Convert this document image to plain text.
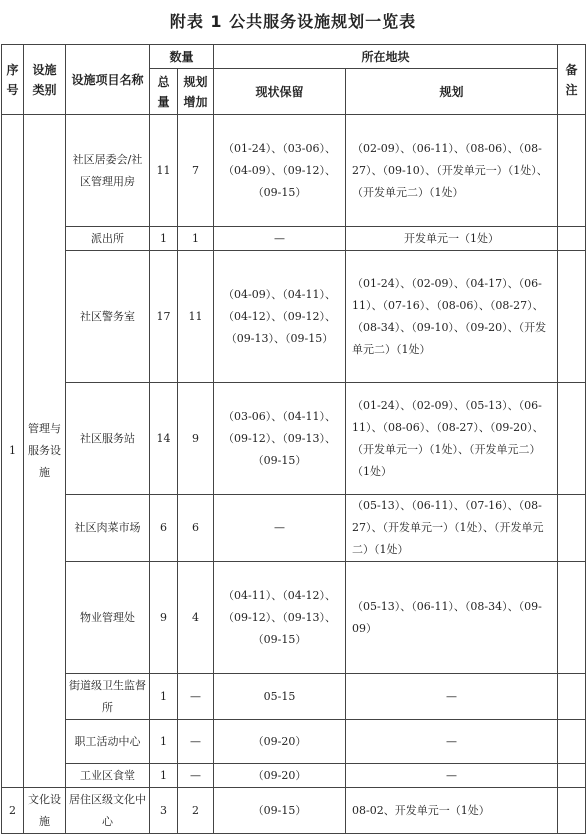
附表 1 公共服务设施规划一览表
序号	设施类别	设施项目名称	数量		所在地块		备注
			总量	规划增加	现状保留	规划	
1	管理与服务设施	社区居委会/社区管理用房	11	7	（01-24）、（03-06）、（04-09）、（09-12）、（09-15）	（02-09）、（06-11）、（08-06）、（08-27）、（09-10）、（开发单元一）（1处）、（开发单元二）（1处）	
		派出所	1	1	—	开发单元一（1处）	
		社区警务室	17	11	（04-09）、（04-11）、（04-12）、（09-12）、（09-13）、（09-15）	（01-24）、（02-09）、（04-17）、（06-11）、（07-16）、（08-06）、（08-27）、（08-34）、（09-10）、（09-20）、（开发单元二）（1处）	
		社区服务站	14	9	（03-06）、（04-11）、（09-12）、（09-13）、（09-15）	（01-24）、（02-09）、（05-13）、（06-11）、（08-06）、（08-27）、（09-20）、（开发单元一）（1处）、（开发单元二）（1处）	
		社区肉菜市场	6	6	—	（05-13）、（06-11）、（07-16）、（08-27）、（开发单元一）（1处）、（开发单元二）（1处）	
		物业管理处	9	4	（04-11）、（04-12）、（09-12）、（09-13）、（09-15）	（05-13）、（06-11）、（08-34）、（09-09）	
		街道级卫生监督所	1	—	05-15	—	
		职工活动中心	1	—	（09-20）	—	
		工业区食堂	1	—	（09-20）	—	
2	文化设施	居住区级文化中心	3	2	（09-15）	08-02、开发单元一（1处）	
